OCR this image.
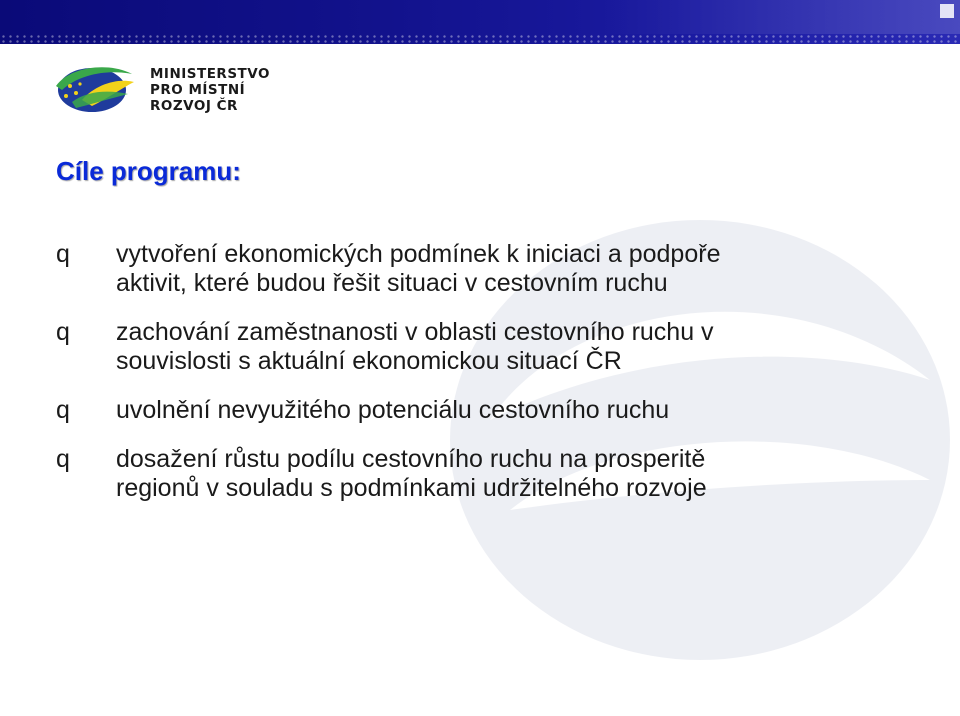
MINISTERSTVO
PRO MÍSTNÍ
ROZVOJ ČR
Cíle programu:
q	vytvoření ekonomických podmínek k iniciaci a podpoře
aktivit, které budou řešit situaci v cestovním ruchu
q	zachování zaměstnanosti v oblasti cestovního ruchu v
souvislosti s aktuální ekonomickou situací ČR
q	uvolnění nevyužitého potenciálu cestovního ruchu
q	dosažení růstu podílu cestovního ruchu na prosperitě
regionů v souladu s podmínkami udržitelného rozvoje
